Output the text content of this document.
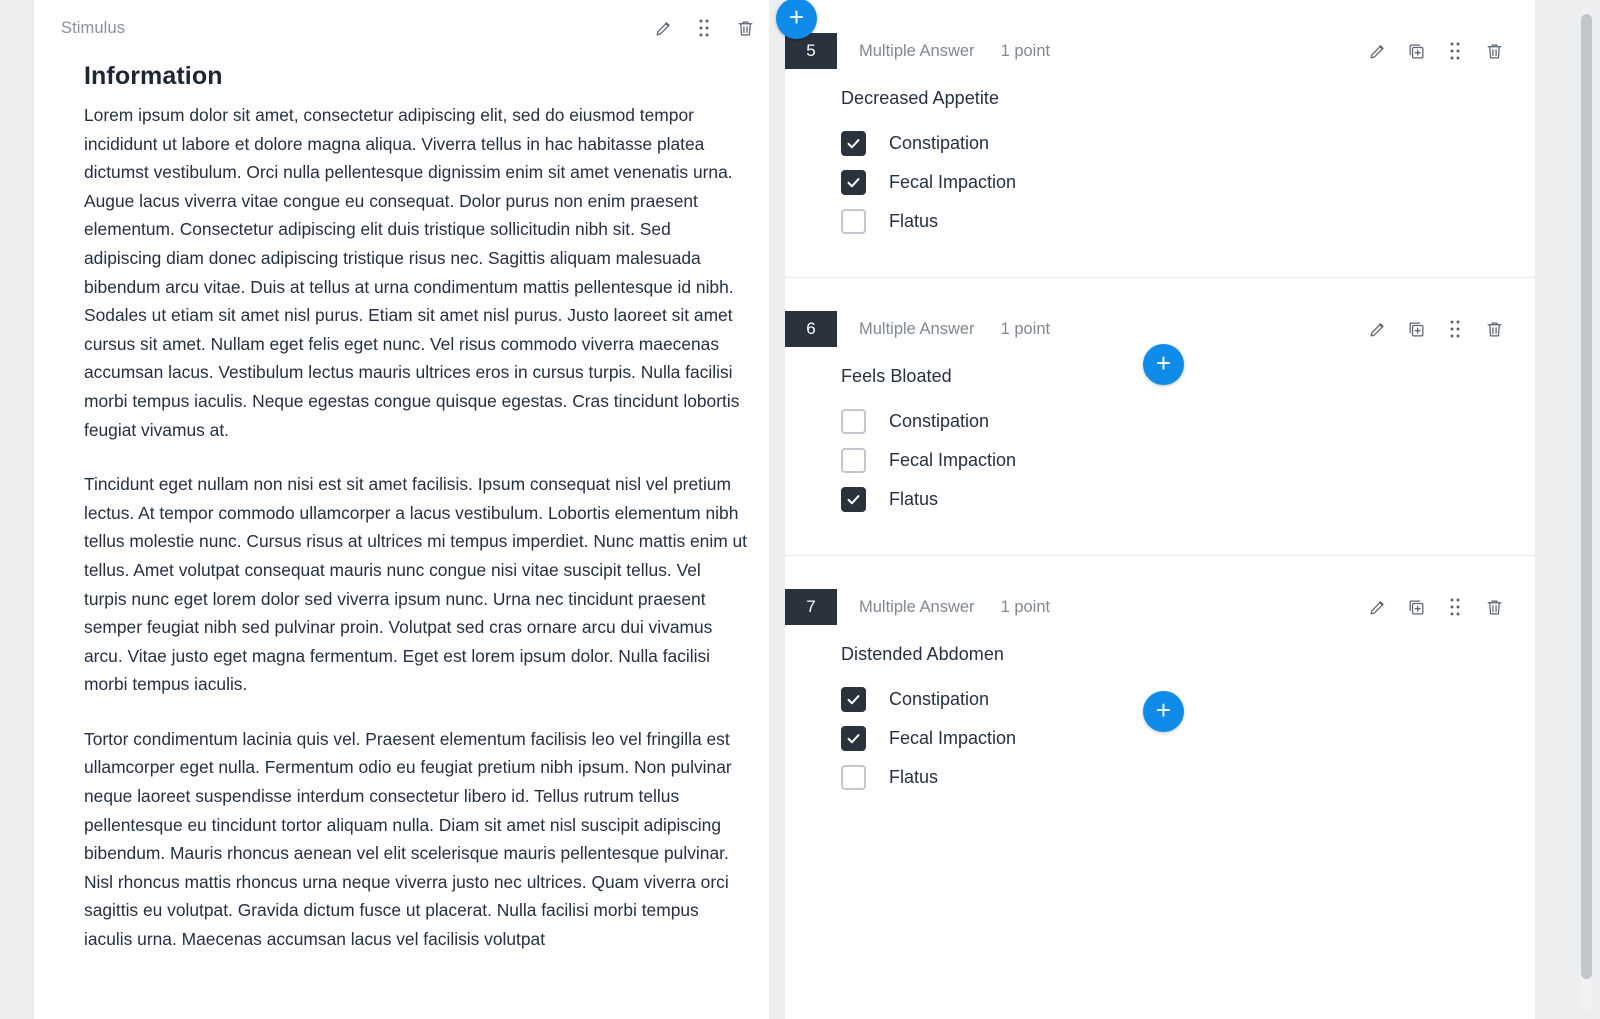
Stimulus
Information

Lorem ipsum dolor sit amet, consectetur adipiscing elit, sed do eiusmod tempor incididunt ut labore et dolore magna aliqua. Viverra tellus in hac habitasse platea dictumst vestibulum. Orci nulla pellentesque dignissim enim sit amet venenatis urna. Augue lacus viverra vitae congue eu consequat. Dolor purus non enim praesent elementum. Consectetur adipiscing elit duis tristique sollicitudin nibh sit. Sed adipiscing diam donec adipiscing tristique risus nec. Sagittis aliquam malesuada bibendum arcu vitae. Duis at tellus at urna condimentum mattis pellentesque id nibh. Sodales ut etiam sit amet nisl purus. Etiam sit amet nisl purus. Justo laoreet sit amet cursus sit amet. Nullam eget felis eget nunc. Vel risus commodo viverra maecenas accumsan lacus. Vestibulum lectus mauris ultrices eros in cursus turpis. Nulla facilisi morbi tempus iaculis. Neque egestas congue quisque egestas. Cras tincidunt lobortis feugiat vivamus at.

Tincidunt eget nullam non nisi est sit amet facilisis. Ipsum consequat nisl vel pretium lectus. At tempor commodo ullamcorper a lacus vestibulum. Lobortis elementum nibh tellus molestie nunc. Cursus risus at ultrices mi tempus imperdiet. Nunc mattis enim ut tellus. Amet volutpat consequat mauris nunc congue nisi vitae suscipit tellus. Vel turpis nunc eget lorem dolor sed viverra ipsum nunc. Urna nec tincidunt praesent semper feugiat nibh sed pulvinar proin. Volutpat sed cras ornare arcu dui vivamus arcu. Vitae justo eget magna fermentum. Eget est lorem ipsum dolor. Nulla facilisi morbi tempus iaculis.

Tortor condimentum lacinia quis vel. Praesent elementum facilisis leo vel fringilla est ullamcorper eget nulla. Fermentum odio eu feugiat pretium nibh ipsum. Non pulvinar neque laoreet suspendisse interdum consectetur libero id. Tellus rutrum tellus pellentesque eu tincidunt tortor aliquam nulla. Diam sit amet nisl suscipit adipiscing bibendum. Mauris rhoncus aenean vel elit scelerisque mauris pellentesque pulvinar. Nisl rhoncus mattis rhoncus urna neque viverra justo nec ultrices. Quam viverra orci sagittis eu volutpat. Gravida dictum fusce ut placerat. Nulla facilisi morbi tempus iaculis urna. Maecenas accumsan lacus vel facilisis volutpat

5	Multiple Answer 1 point
Decreased Appetite
Constipation
Fecal Impaction
Flatus
6	Multiple Answer 1 point
Feels Bloated
Constipation
Fecal Impaction
Flatus
7	Multiple Answer 1 point
Distended Abdomen
Constipation
Fecal Impaction
Flatus
+
+
+
